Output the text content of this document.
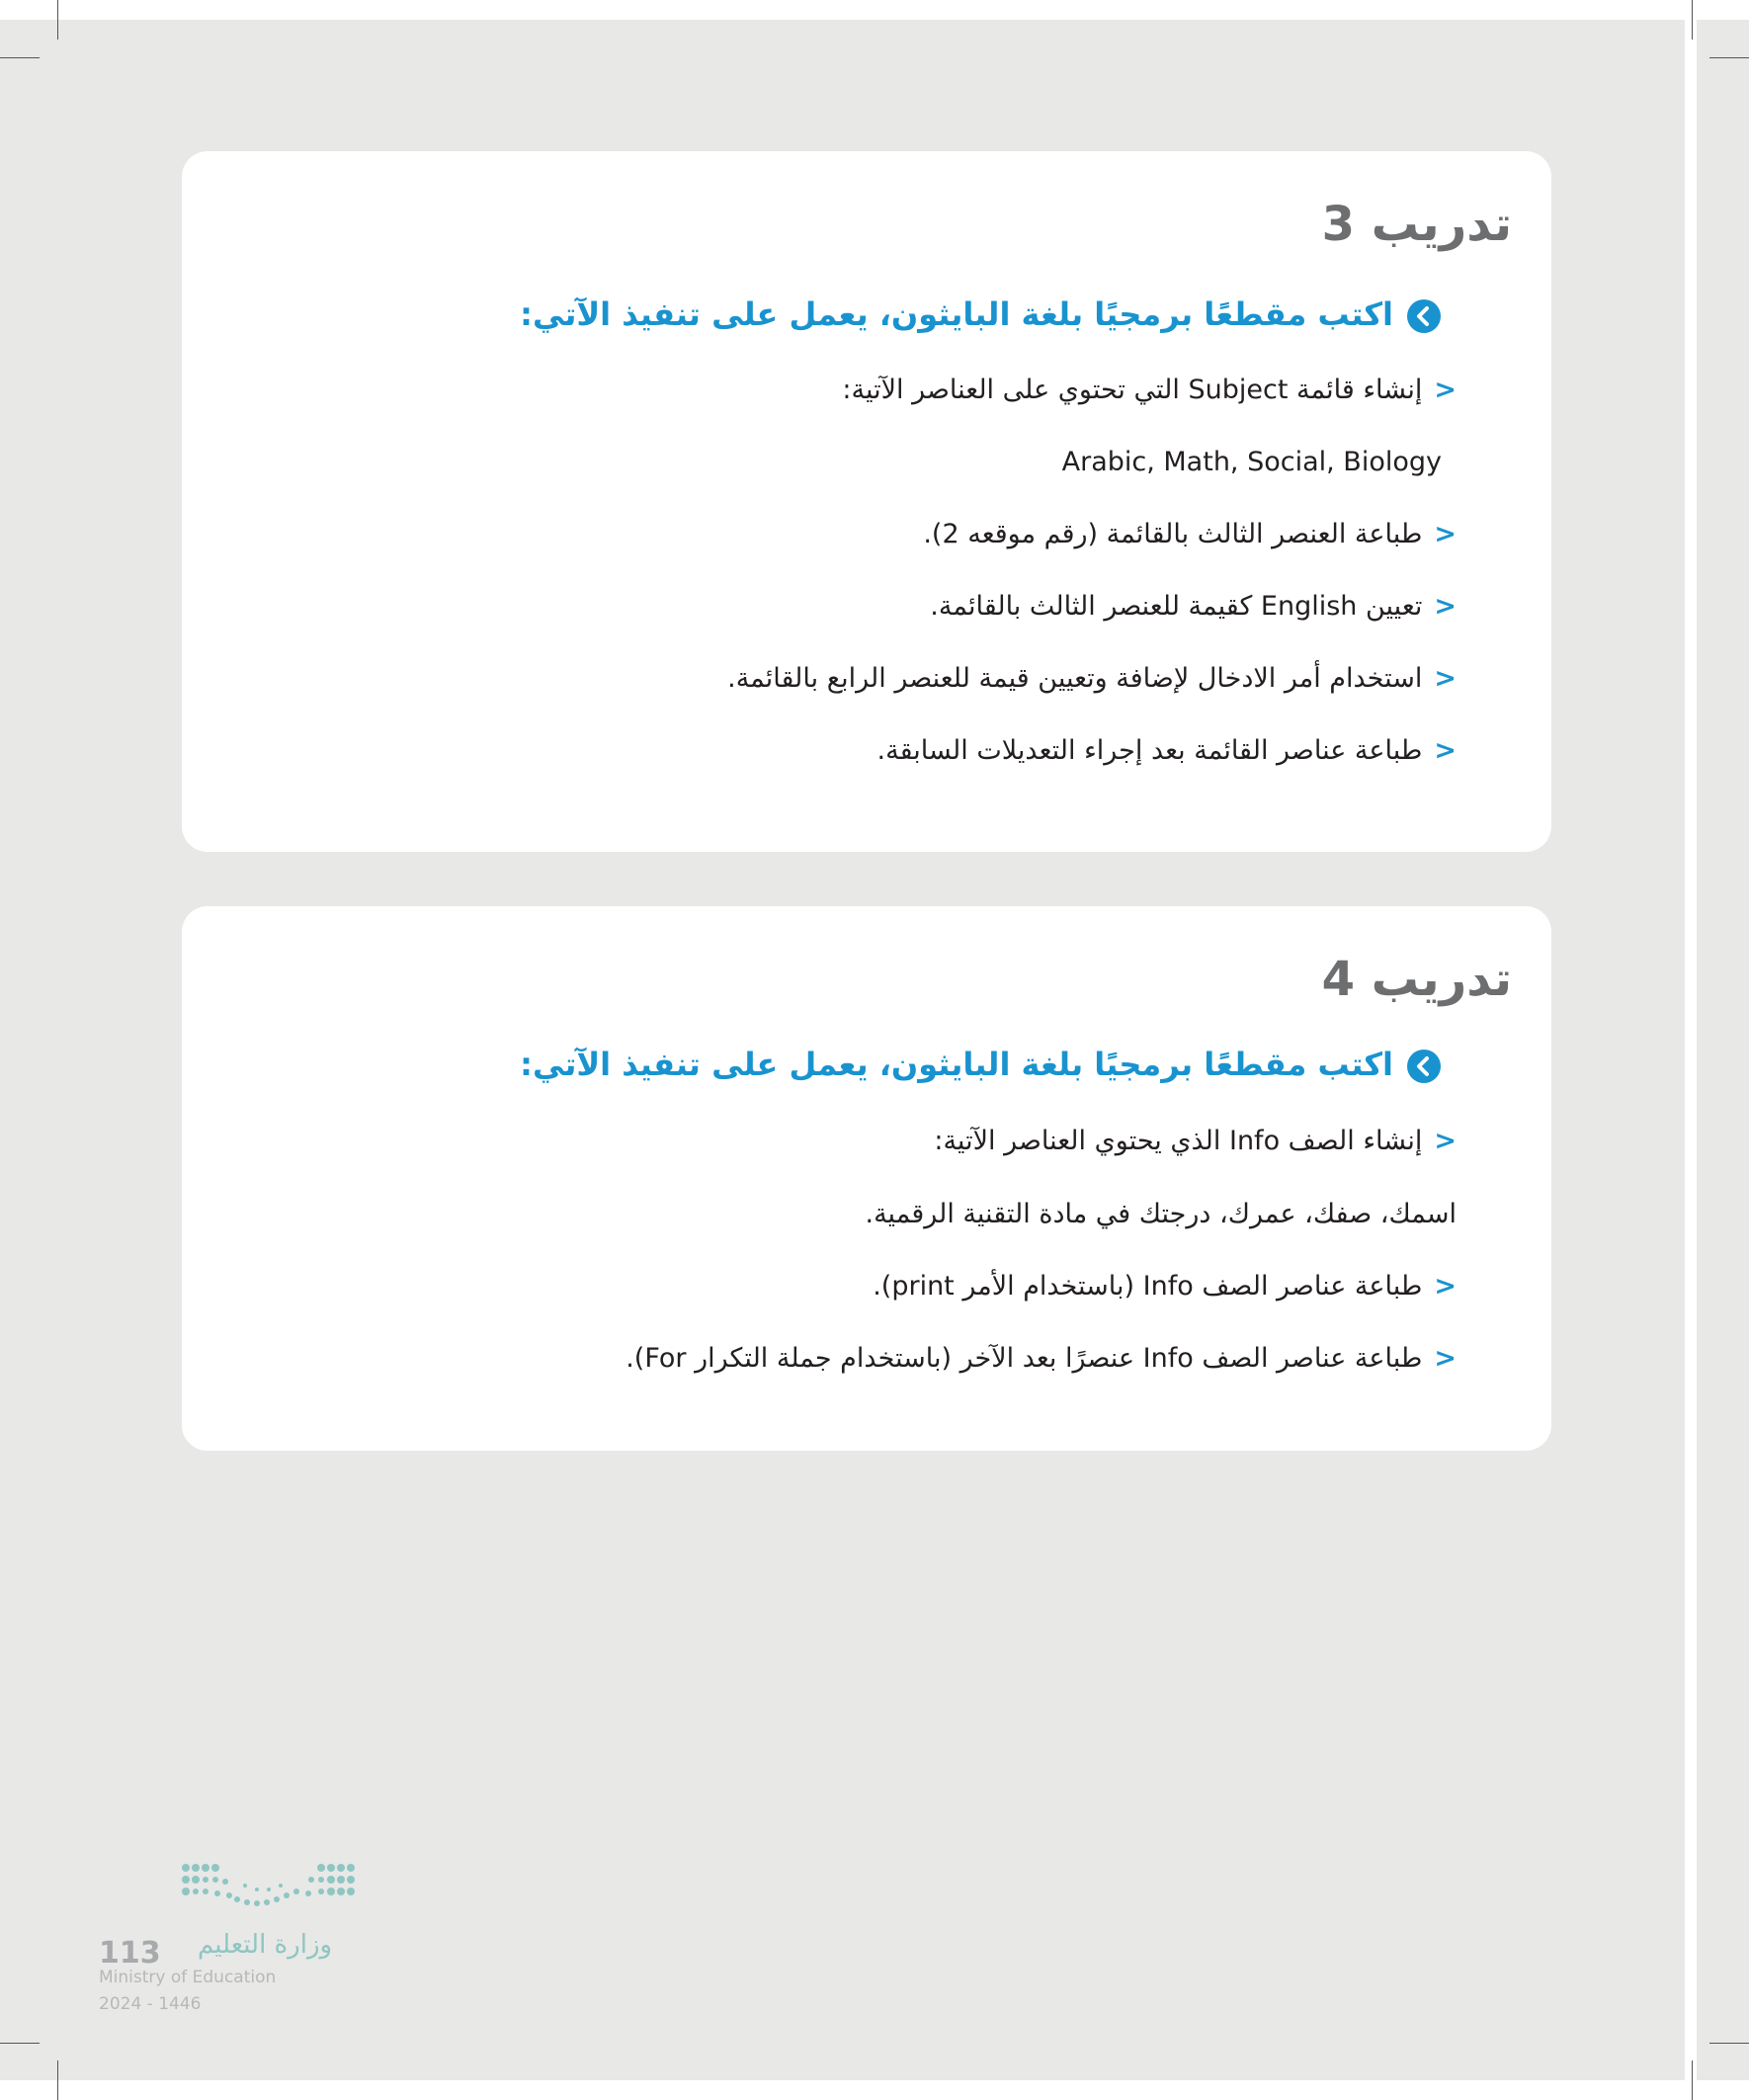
تدريب 3
اكتب مقطعًا برمجيًا بلغة البايثون، يعمل على تنفيذ الآتي:
<إنشاء قائمة Subject التي تحتوي على العناصر الآتية:
Arabic, Math, Social, Biology
<طباعة العنصر الثالث بالقائمة (رقم موقعه 2).
<تعيين English كقيمة للعنصر الثالث بالقائمة.
<استخدام أمر الادخال لإضافة وتعيين قيمة للعنصر الرابع بالقائمة.
<طباعة عناصر القائمة بعد إجراء التعديلات السابقة.
تدريب 4
اكتب مقطعًا برمجيًا بلغة البايثون، يعمل على تنفيذ الآتي:
<إنشاء الصف Info الذي يحتوي العناصر الآتية:
اسمك، صفك، عمرك، درجتك في مادة التقنية الرقمية.
<طباعة عناصر الصف Info (باستخدام الأمر print).
<طباعة عناصر الصف Info عنصرًا بعد الآخر (باستخدام جملة التكرار For).
وزارة التعليم
113
Ministry of Education
2024 - 1446
